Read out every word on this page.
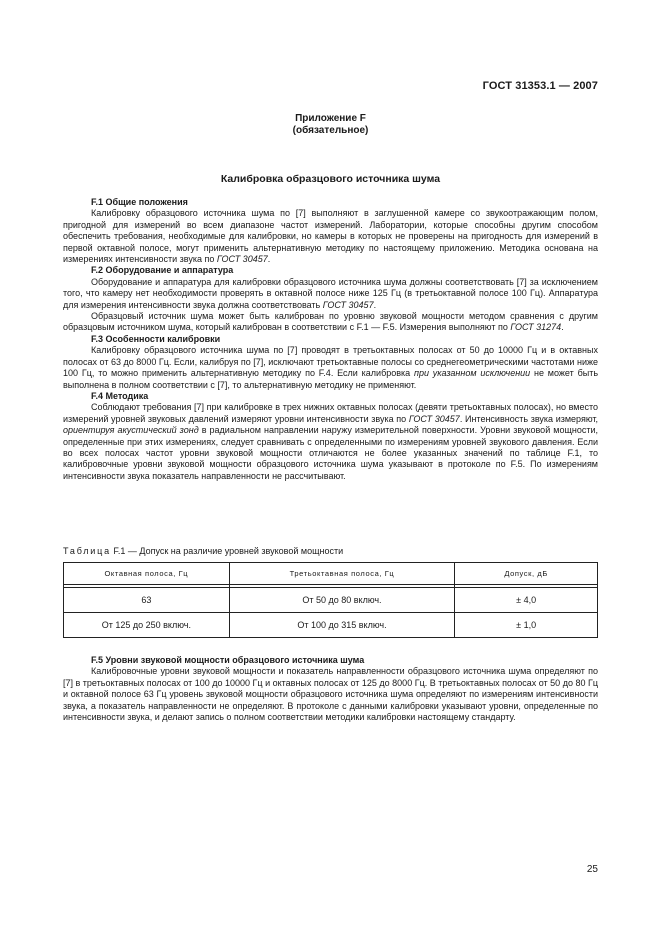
ГОСТ 31353.1 — 2007
Приложение F
(обязательное)
Калибровка образцового источника шума

F.1 Общие положения

Калибровку образцового источника шума по [7] выполняют в заглушенной камере со звукоотражающим полом, пригодной для измерений во всем диапазоне частот измерений. Лаборатории, которые способны другим способом обеспечить требования, необходимые для калибровки, но камеры в которых не проверены на пригодность для измерений в первой октавной полосе, могут применить альтернативную методику по настоящему приложению. Методика основана на измерениях интенсивности звука по ГОСТ 30457.

F.2 Оборудование и аппаратура

Оборудование и аппаратура для калибровки образцового источника шума должны соответствовать [7] за исключением того, что камеру нет необходимости проверять в октавной полосе ниже 125 Гц (в третьоктавной полосе 100 Гц). Аппаратура для измерения интенсивности звука должна соответствовать ГОСТ 30457.

Образцовый источник шума может быть калиброван по уровню звуковой мощности методом сравнения с другим образцовым источником шума, который калиброван в соответствии с F.1 — F.5. Измерения выполняют по ГОСТ 31274.

F.3 Особенности калибровки

Калибровку образцового источника шума по [7] проводят в третьоктавных полосах от 50 до 10000 Гц и в октавных полосах от 63 до 8000 Гц. Если, калибруя по [7], исключают третьоктавные полосы со среднегеометрическими частотами ниже 100 Гц, то можно применить альтернативную методику по F.4. Если калибровка при указанном исключении не может быть выполнена в полном соответствии с [7], то альтернативную методику не применяют.

F.4 Методика

Соблюдают требования [7] при калибровке в трех нижних октавных полосах (девяти третьоктавных полосах), но вместо измерений уровней звуковых давлений измеряют уровни интенсивности звука по ГОСТ 30457. Интенсивность звука измеряют, ориентируя акустический зонд в радиальном направлении наружу измерительной поверхности. Уровни звуковой мощности, определенные при этих измерениях, следует сравнивать с определенными по измерениям уровней звукового давления. Если во всех полосах частот уровни звуковой мощности отличаются не более указанных значений по таблице F.1, то калибровочные уровни звуковой мощности образцового источника шума указывают в протоколе по F.5. По измерениям интенсивности звука показатель направленности не рассчитывают.

Таблица F.1 — Допуск на различие уровней звуковой мощности
Октавная полоса, Гц	Третьоктавная полоса, Гц	Допуск, дБ

63	От 50 до 80 включ.	± 4,0
От 125 до 250 включ.	От 100 до 315 включ.	± 1,0

F.5 Уровни звуковой мощности образцового источника шума

Калибровочные уровни звуковой мощности и показатель направленности образцового источника шума определяют по [7] в третьоктавных полосах от 100 до 10000 Гц и октавных полосах от 125 до 8000 Гц. В третьоктавных полосах от 50 до 80 Гц и октавной полосе 63 Гц уровень звуковой мощности образцового источника шума определяют по измерениям интенсивности звука, а показатель направленности не определяют. В протоколе с данными калибровки указывают уровни, определенные по интенсивности звука, и делают запись о полном соответствии методики калибровки настоящему стандарту.

25
